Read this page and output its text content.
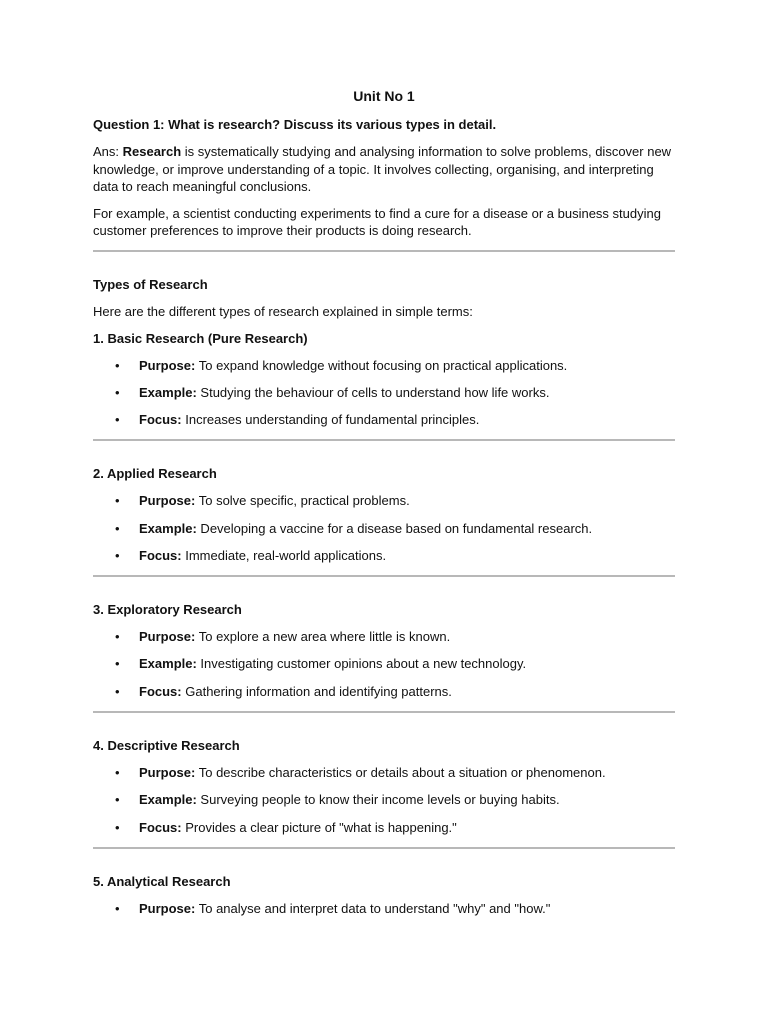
Unit No 1
Question 1: What is research? Discuss its various types in detail.
Ans: Research is systematically studying and analysing information to solve problems, discover new knowledge, or improve understanding of a topic. It involves collecting, organising, and interpreting data to reach meaningful conclusions.
For example, a scientist conducting experiments to find a cure for a disease or a business studying customer preferences to improve their products is doing research.
Types of Research
Here are the different types of research explained in simple terms:
1. Basic Research (Pure Research)
• Purpose: To expand knowledge without focusing on practical applications.
• Example: Studying the behaviour of cells to understand how life works.
• Focus: Increases understanding of fundamental principles.
2. Applied Research
• Purpose: To solve specific, practical problems.
• Example: Developing a vaccine for a disease based on fundamental research.
• Focus: Immediate, real-world applications.
3. Exploratory Research
• Purpose: To explore a new area where little is known.
• Example: Investigating customer opinions about a new technology.
• Focus: Gathering information and identifying patterns.
4. Descriptive Research
• Purpose: To describe characteristics or details about a situation or phenomenon.
• Example: Surveying people to know their income levels or buying habits.
• Focus: Provides a clear picture of "what is happening."
5. Analytical Research
• Purpose: To analyse and interpret data to understand "why" and "how."
